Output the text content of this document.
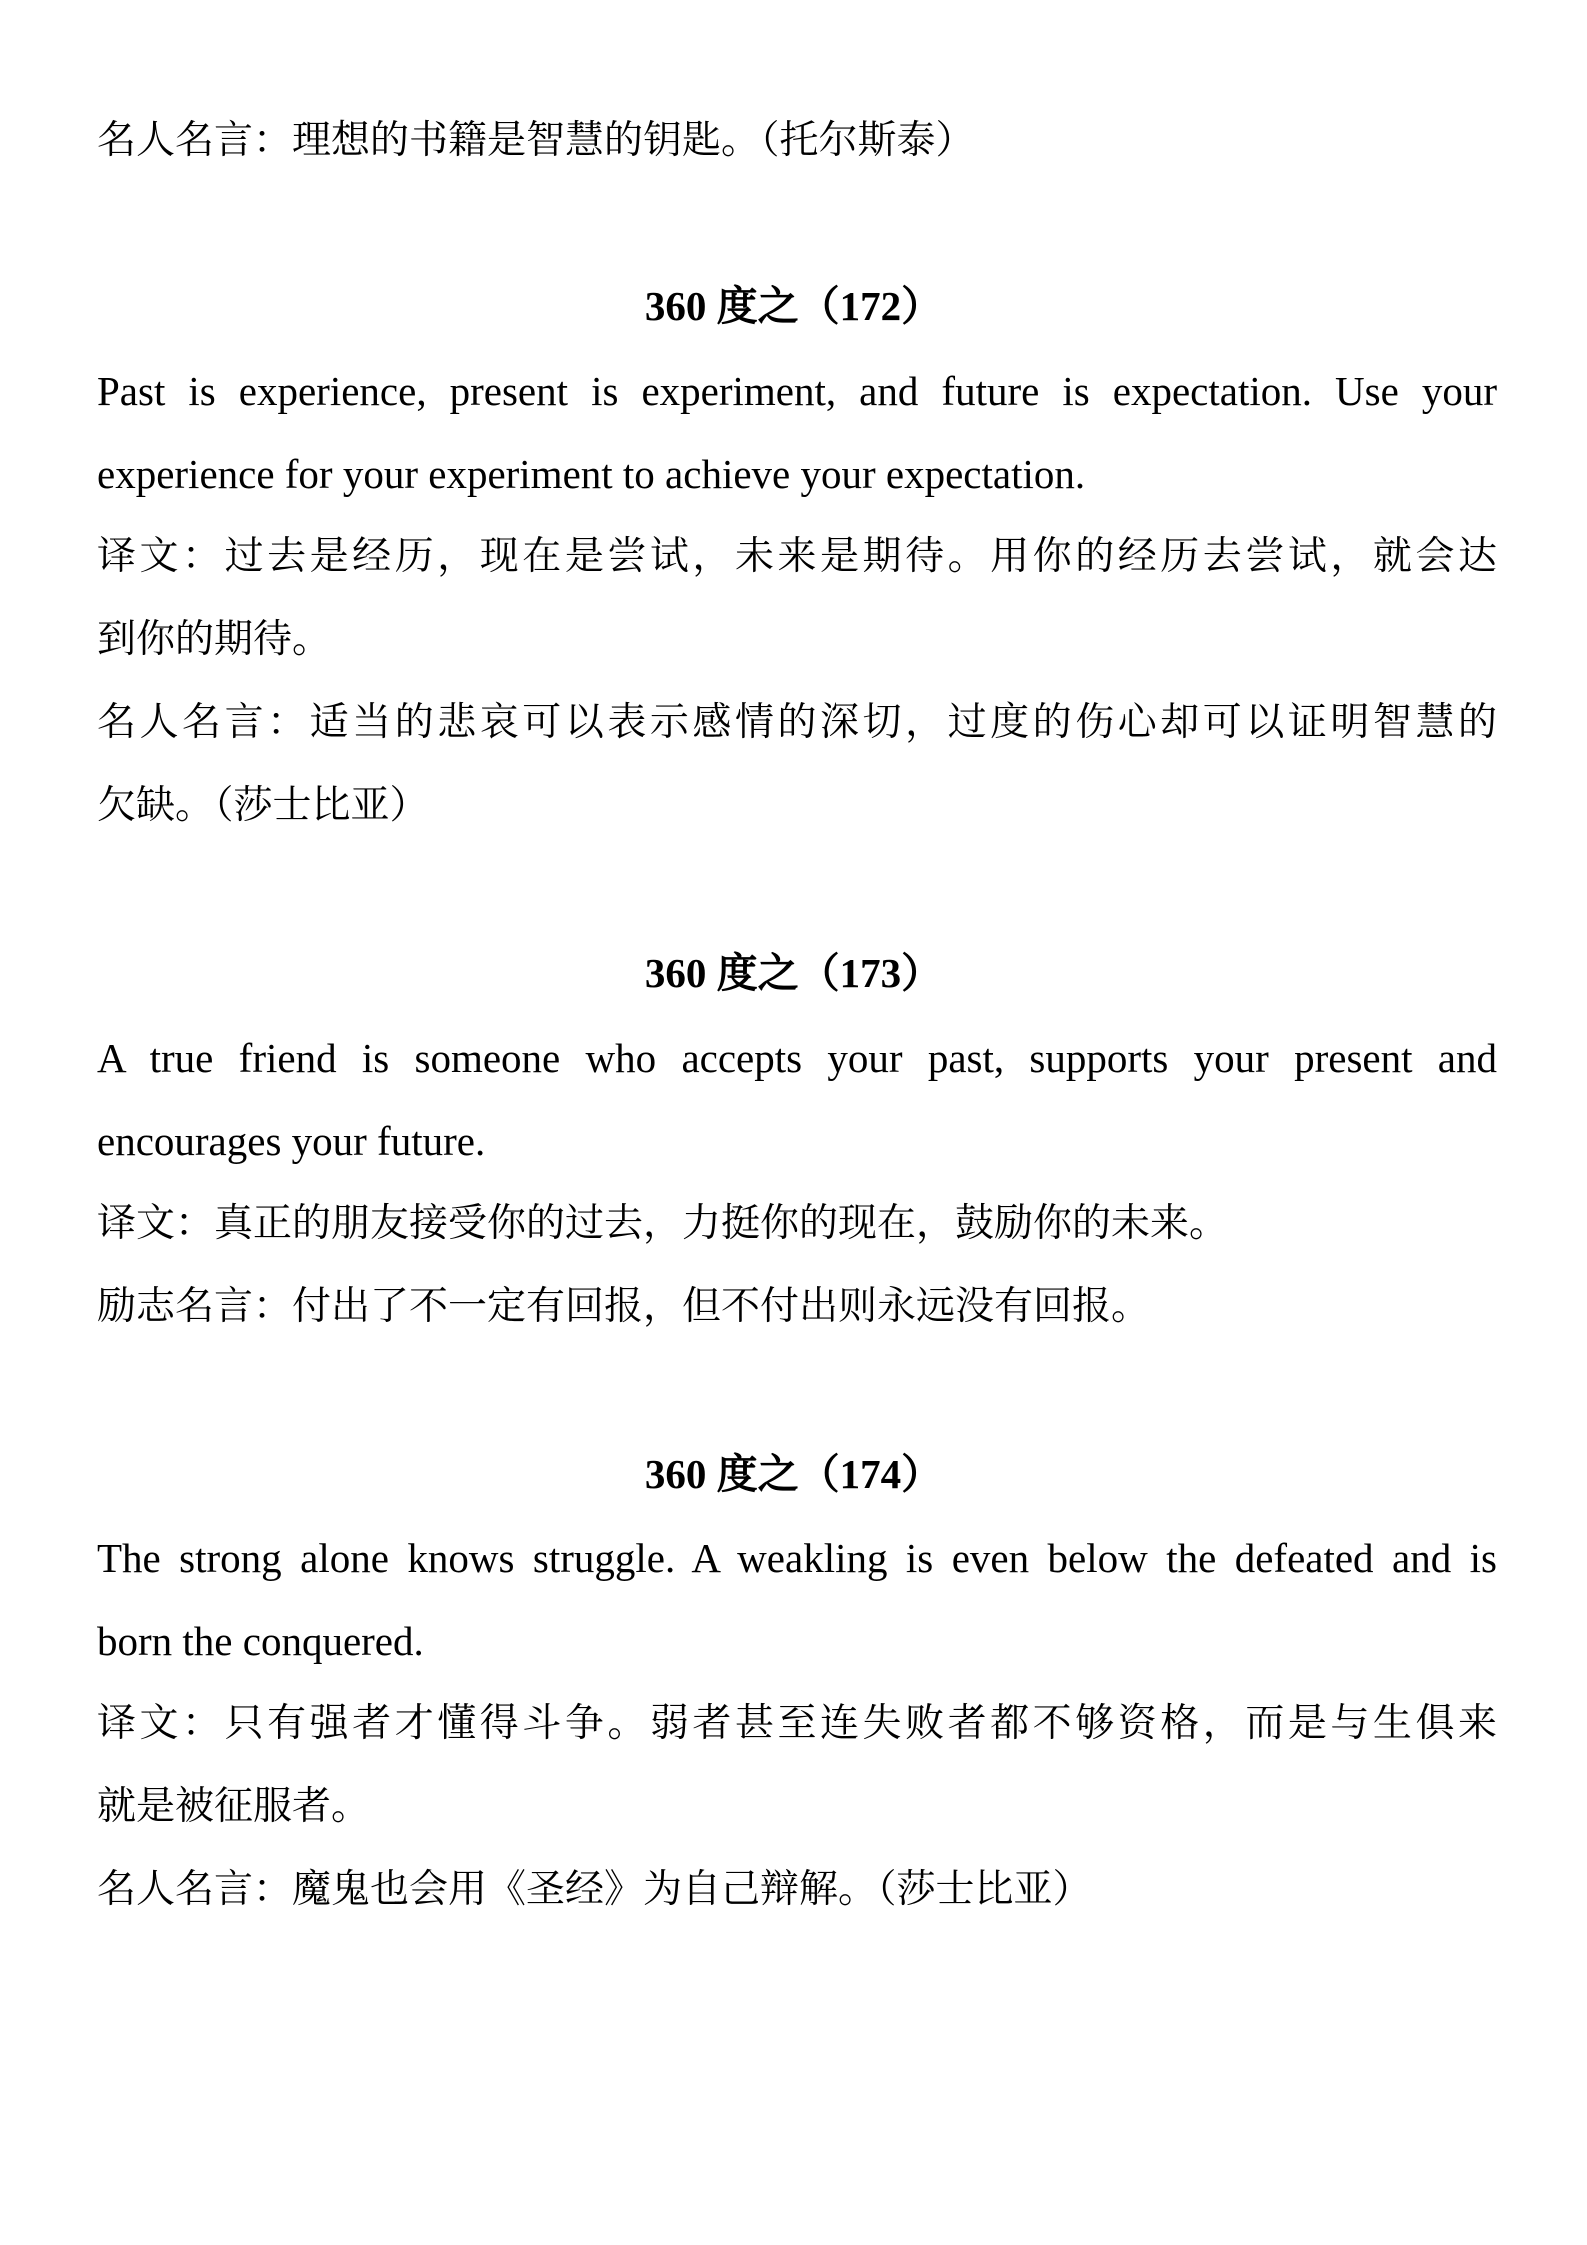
名人名言：理想的书籍是智慧的钥匙。（托尔斯泰）
360 度之（172）
Past is experience, present is experiment, and future is expectation. Use your
experience for your experiment to achieve your expectation.
译文：过去是经历，现在是尝试，未来是期待。用你的经历去尝试，就会达
到你的期待。
名人名言：适当的悲哀可以表示感情的深切，过度的伤心却可以证明智慧的
欠缺。（莎士比亚）
360 度之（173）
A true friend is someone who accepts your past, supports your present and
encourages your future.
译文：真正的朋友接受你的过去，力挺你的现在，鼓励你的未来。
励志名言：付出了不一定有回报，但不付出则永远没有回报。
360 度之（174）
The strong alone knows struggle. A weakling is even below the defeated and is
born the conquered.
译文：只有强者才懂得斗争。弱者甚至连失败者都不够资格，而是与生俱来
就是被征服者。
名人名言：魔鬼也会用《圣经》为自己辩解。（莎士比亚）
